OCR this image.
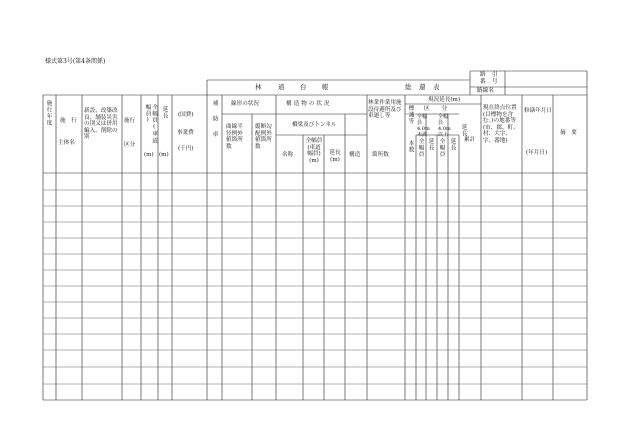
様式第3号(第4条関係)
林	道 台 帳	総 還 表
路 引
番 号
路線名
施行年度 施　行
主体名
新設、改築改良、舗装災害の別又は併用編入、削除の別
施行
区分
全幅員(車道幅員)
(m)
延長
(m)
(国費)
事業費
(千円)
補助率 線形の状況
曲線半径例外値箇所数
縦断勾配例外値箇所数
構造物の状況
橋梁及びトンネル
名称
全幅員(車道幅員)(m)
延長(m)
構造
林業作業用施設待避所及び車廻し等
箇所数
標識等
本数
現況延長(m)
区分
全幅員4.0m未満
全幅員4.0m以上
全幅員 延長 全幅員 延長
延長
累計
現在終点位置(目標物を含む。)の地番等(市、郡、町、村、大字、字、番地)
修繕年月日
(年月日)
摘　要
